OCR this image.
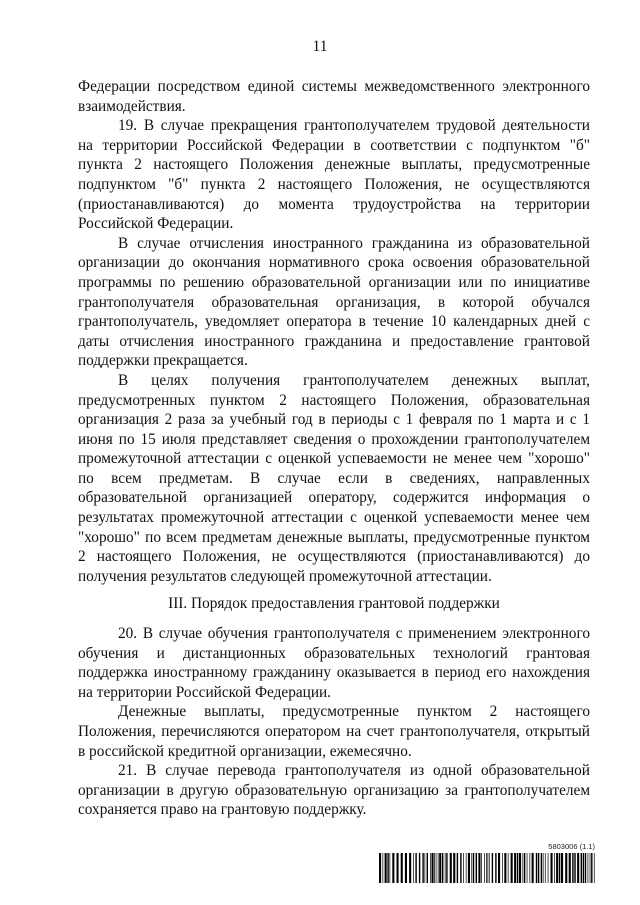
11

Федерации посредством единой системы межведомственного электронного взаимодействия.

19. В случае прекращения грантополучателем трудовой деятельности на территории Российской Федерации в соответствии с подпунктом "б" пункта 2 настоящего Положения денежные выплаты, предусмотренные подпунктом "б" пункта 2 настоящего Положения, не осуществляются (приостанавливаются) до момента трудоустройства на территории Российской Федерации.

В случае отчисления иностранного гражданина из образовательной организации до окончания нормативного срока освоения образовательной программы по решению образовательной организации или по инициативе грантополучателя образовательная организация, в которой обучался грантополучатель, уведомляет оператора в течение 10 календарных дней с даты отчисления иностранного гражданина и предоставление грантовой поддержки прекращается.

В целях получения грантополучателем денежных выплат, предусмотренных пунктом 2 настоящего Положения, образовательная организация 2 раза за учебный год в периоды с 1 февраля по 1 марта и с 1 июня по 15 июля представляет сведения о прохождении грантополучателем промежуточной аттестации с оценкой успеваемости не менее чем "хорошо" по всем предметам. В случае если в сведениях, направленных образовательной организацией оператору, содержится информация о результатах промежуточной аттестации с оценкой успеваемости менее чем "хорошо" по всем предметам денежные выплаты, предусмотренные пунктом 2 настоящего Положения, не осуществляются (приостанавливаются) до получения результатов следующей промежуточной аттестации.

III. Порядок предоставления грантовой поддержки

20. В случае обучения грантополучателя с применением электронного обучения и дистанционных образовательных технологий грантовая поддержка иностранному гражданину оказывается в период его нахождения на территории Российской Федерации.

Денежные выплаты, предусмотренные пунктом 2 настоящего Положения, перечисляются оператором на счет грантополучателя, открытый в российской кредитной организации, ежемесячно.

21. В случае перевода грантополучателя из одной образовательной организации в другую образовательную организацию за грантополучателем сохраняется право на грантовую поддержку.

5803006 (1.1)
